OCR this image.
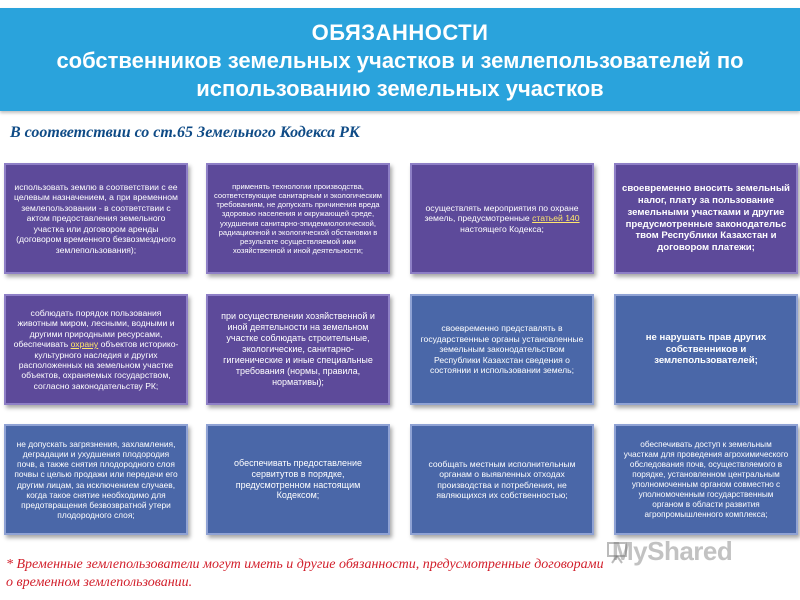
ОБЯЗАННОСТИ
собственников земельных участков и землепользователей по
использованию земельных участков
В соответствии со ст.65 Земельного Кодекса РК
использовать землю в соответствии с ее целевым назначением, а при временном землепользовании - в соответствии с актом предоставления земельного участка или договором аренды (договором временного безвозмездного землепользования);
применять технологии производства, соответствующие санитарным и экологическим требованиям, не допускать причинения вреда здоровью населения и окружающей среде, ухудшения санитарно-эпидемиологической, радиационной и экологической обстановки в результате осуществляемой ими хозяйственной и иной деятельности;
осуществлять мероприятия по охране земель, предусмотренные статьей 140 настоящего Кодекса;
своевременно вносить земельный налог, плату за пользование земельными участками и другие предусмотренные законодательс твом Республики Казахстан и договором платежи;
соблюдать порядок пользования животным миром, лесными, водными и другими природными ресурсами, обеспечивать охрану объектов историко-культурного наследия и других расположенных на земельном участке объектов, охраняемых государством, согласно законодательству РК;
при осуществлении хозяйственной и иной деятельности на земельном участке соблюдать строительные, экологические, санитарно-гигиенические и иные специальные требования (нормы, правила, нормативы);
своевременно представлять в государственные органы установленные земельным законодательством Республики Казахстан сведения о состоянии и использовании земель;
не нарушать прав других собственников и землепользователей;
не допускать загрязнения, захламления, деградации и ухудшения плодородия почв, а также снятия плодородного слоя почвы с целью продажи или передачи его другим лицам, за исключением случаев, когда такое снятие необходимо для предотвращения безвозвратной утери плодородного слоя;
обеспечивать предоставление сервитутов в порядке, предусмотренном настоящим Кодексом;
сообщать местным исполнительным органам о выявленных отходах производства и потребления, не являющихся их собственностью;
обеспечивать доступ к земельным участкам для проведения агрохимического обследования почв, осуществляемого в порядке, установленном центральным уполномоченным органом совместно с уполномоченным государственным органом в области развития агропромышленного комплекса;
MyShared
* Временные землепользователи могут иметь и другие обязанности, предусмотренные договорами
о временном землепользовании.
